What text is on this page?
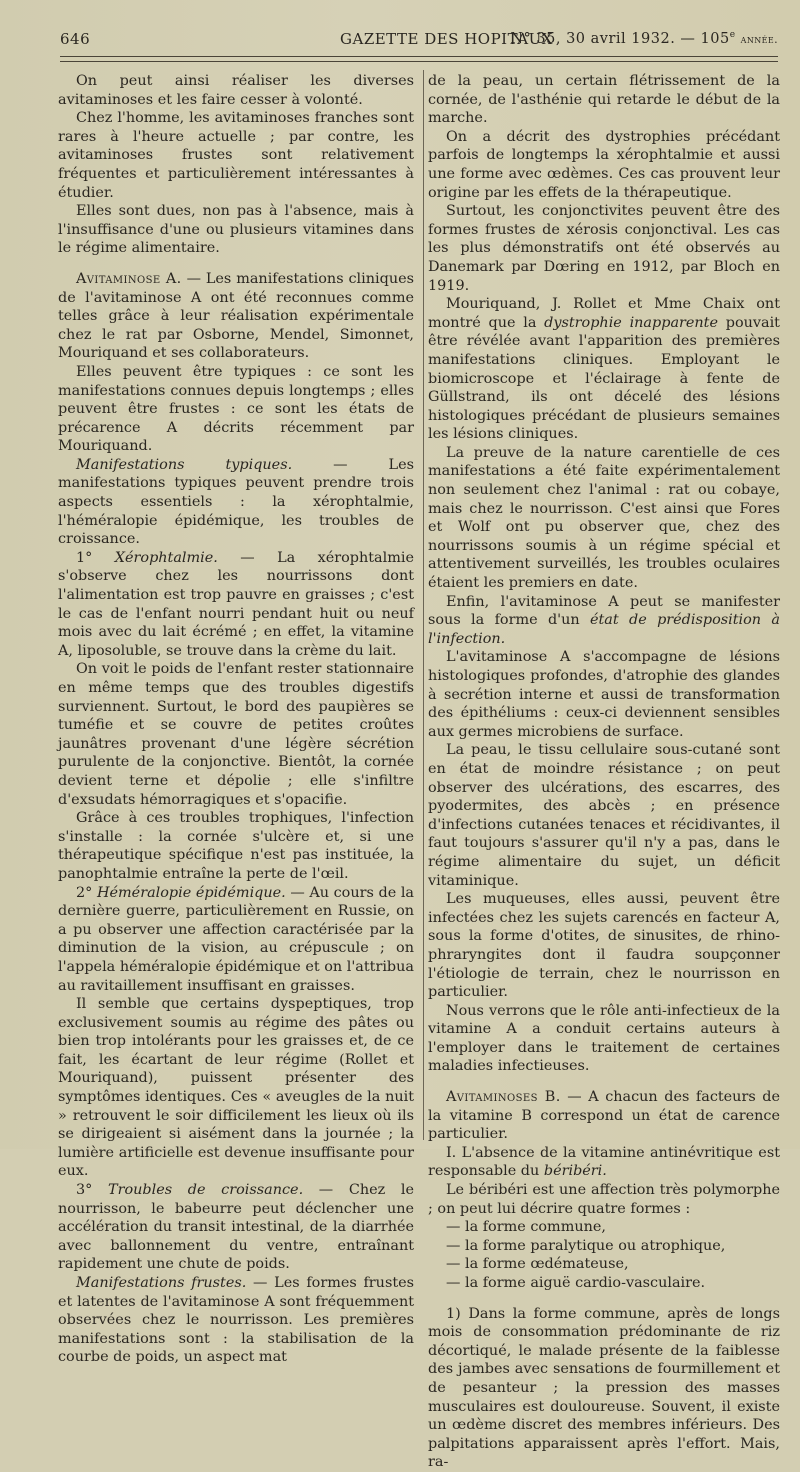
646	GAZETTE DES HOPITAUX
N° 35, 30 avril 1932. — 105e année.

On peut ainsi réaliser les diverses avitaminoses et les faire cesser à volonté.

Chez l'homme, les avitaminoses franches sont rares à l'heure actuelle ; par contre, les avitaminoses frustes sont relativement fréquentes et particulièrement intéressantes à étudier.

Elles sont dues, non pas à l'absence, mais à l'insuffisance d'une ou plusieurs vitamines dans le régime alimentaire.

Avitaminose A. — Les manifestations cliniques de l'avitaminose A ont été reconnues comme telles grâce à leur réalisation expérimentale chez le rat par Osborne, Mendel, Simonnet, Mouriquand et ses collaborateurs.

Elles peuvent être typiques : ce sont les manifestations connues depuis longtemps ; elles peuvent être frustes : ce sont les états de précarence A décrits récemment par Mouriquand.

Manifestations typiques. — Les manifestations typiques peuvent prendre trois aspects essentiels : la xérophtalmie, l'héméralopie épidémique, les troubles de croissance.

1° Xérophtalmie. — La xérophtalmie s'observe chez les nourrissons dont l'alimentation est trop pauvre en graisses ; c'est le cas de l'enfant nourri pendant huit ou neuf mois avec du lait écrémé ; en effet, la vitamine A, liposoluble, se trouve dans la crème du lait.

On voit le poids de l'enfant rester stationnaire en même temps que des troubles digestifs surviennent. Surtout, le bord des paupières se tuméfie et se couvre de petites croûtes jaunâtres provenant d'une légère sécrétion purulente de la conjonctive. Bientôt, la cornée devient terne et dépolie ; elle s'infiltre d'exsudats hémorragiques et s'opacifie.

Grâce à ces troubles trophiques, l'infection s'installe : la cornée s'ulcère et, si une thérapeutique spécifique n'est pas instituée, la panophtalmie entraîne la perte de l'œil.

2° Héméralopie épidémique. — Au cours de la dernière guerre, particulièrement en Russie, on a pu observer une affection caractérisée par la diminution de la vision, au crépuscule ; on l'appela héméralopie épidémique et on l'attribua au ravitaillement insuffisant en graisses.

Il semble que certains dyspeptiques, trop exclusivement soumis au régime des pâtes ou bien trop intolérants pour les graisses et, de ce fait, les écartant de leur régime (Rollet et Mouriquand), puissent présenter des symptômes identiques. Ces « aveugles de la nuit » retrouvent le soir difficilement les lieux où ils se dirigeaient si aisément dans la journée ; la lumière artificielle est devenue insuffisante pour eux.

3° Troubles de croissance. — Chez le nourrisson, le babeurre peut déclencher une accélération du transit intestinal, de la diarrhée avec ballonnement du ventre, entraînant rapidement une chute de poids.

Manifestations frustes. — Les formes frustes et latentes de l'avitaminose A sont fréquemment observées chez le nourrisson. Les premières manifestations sont : la stabilisation de la courbe de poids, un aspect mat

de la peau, un certain flétrissement de la cornée, de l'asthénie qui retarde le début de la marche.

On a décrit des dystrophies précédant parfois de longtemps la xérophtalmie et aussi une forme avec œdèmes. Ces cas prouvent leur origine par les effets de la thérapeutique.

Surtout, les conjonctivites peuvent être des formes frustes de xérosis conjonctival. Les cas les plus démonstratifs ont été observés au Danemark par Dœring en 1912, par Bloch en 1919.

Mouriquand, J. Rollet et Mme Chaix ont montré que la dystrophie inapparente pouvait être révélée avant l'apparition des premières manifestations cliniques. Employant le biomicroscope et l'éclairage à fente de Güllstrand, ils ont décelé des lésions histologiques précédant de plusieurs semaines les lésions cliniques.

La preuve de la nature carentielle de ces manifestations a été faite expérimentalement non seulement chez l'animal : rat ou cobaye, mais chez le nourrisson. C'est ainsi que Fores et Wolf ont pu observer que, chez des nourrissons soumis à un régime spécial et attentivement surveillés, les troubles oculaires étaient les premiers en date.

Enfin, l'avitaminose A peut se manifester sous la forme d'un état de prédisposition à l'infection.

L'avitaminose A s'accompagne de lésions histologiques profondes, d'atrophie des glandes à secrétion interne et aussi de transformation des épithéliums : ceux-ci deviennent sensibles aux germes microbiens de surface.

La peau, le tissu cellulaire sous-cutané sont en état de moindre résistance ; on peut observer des ulcérations, des escarres, des pyodermites, des abcès ; en présence d'infections cutanées tenaces et récidivantes, il faut toujours s'assurer qu'il n'y a pas, dans le régime alimentaire du sujet, un déficit vitaminique.

Les muqueuses, elles aussi, peuvent être infectées chez les sujets carencés en facteur A, sous la forme d'otites, de sinusites, de rhino-phraryngites dont il faudra soupçonner l'étiologie de terrain, chez le nourrisson en particulier.

Nous verrons que le rôle anti-infectieux de la vitamine A a conduit certains auteurs à l'employer dans le traitement de certaines maladies infectieuses.

Avitaminoses B. — A chacun des facteurs de la vitamine B correspond un état de carence particulier.

I. L'absence de la vitamine antinévritique est responsable du béribéri.

Le béribéri est une affection très polymorphe ; on peut lui décrire quatre formes :

— la forme commune,
— la forme paralytique ou atrophique,
— la forme œdémateuse,
— la forme aiguë cardio-vasculaire.

1) Dans la forme commune, après de longs mois de consommation prédominante de riz décortiqué, le malade présente de la faiblesse des jambes avec sensations de fourmillement et de pesanteur ; la pression des masses musculaires est douloureuse. Souvent, il existe un œdème discret des membres inférieurs. Des palpitations apparaissent après l'effort. Mais, ra-
